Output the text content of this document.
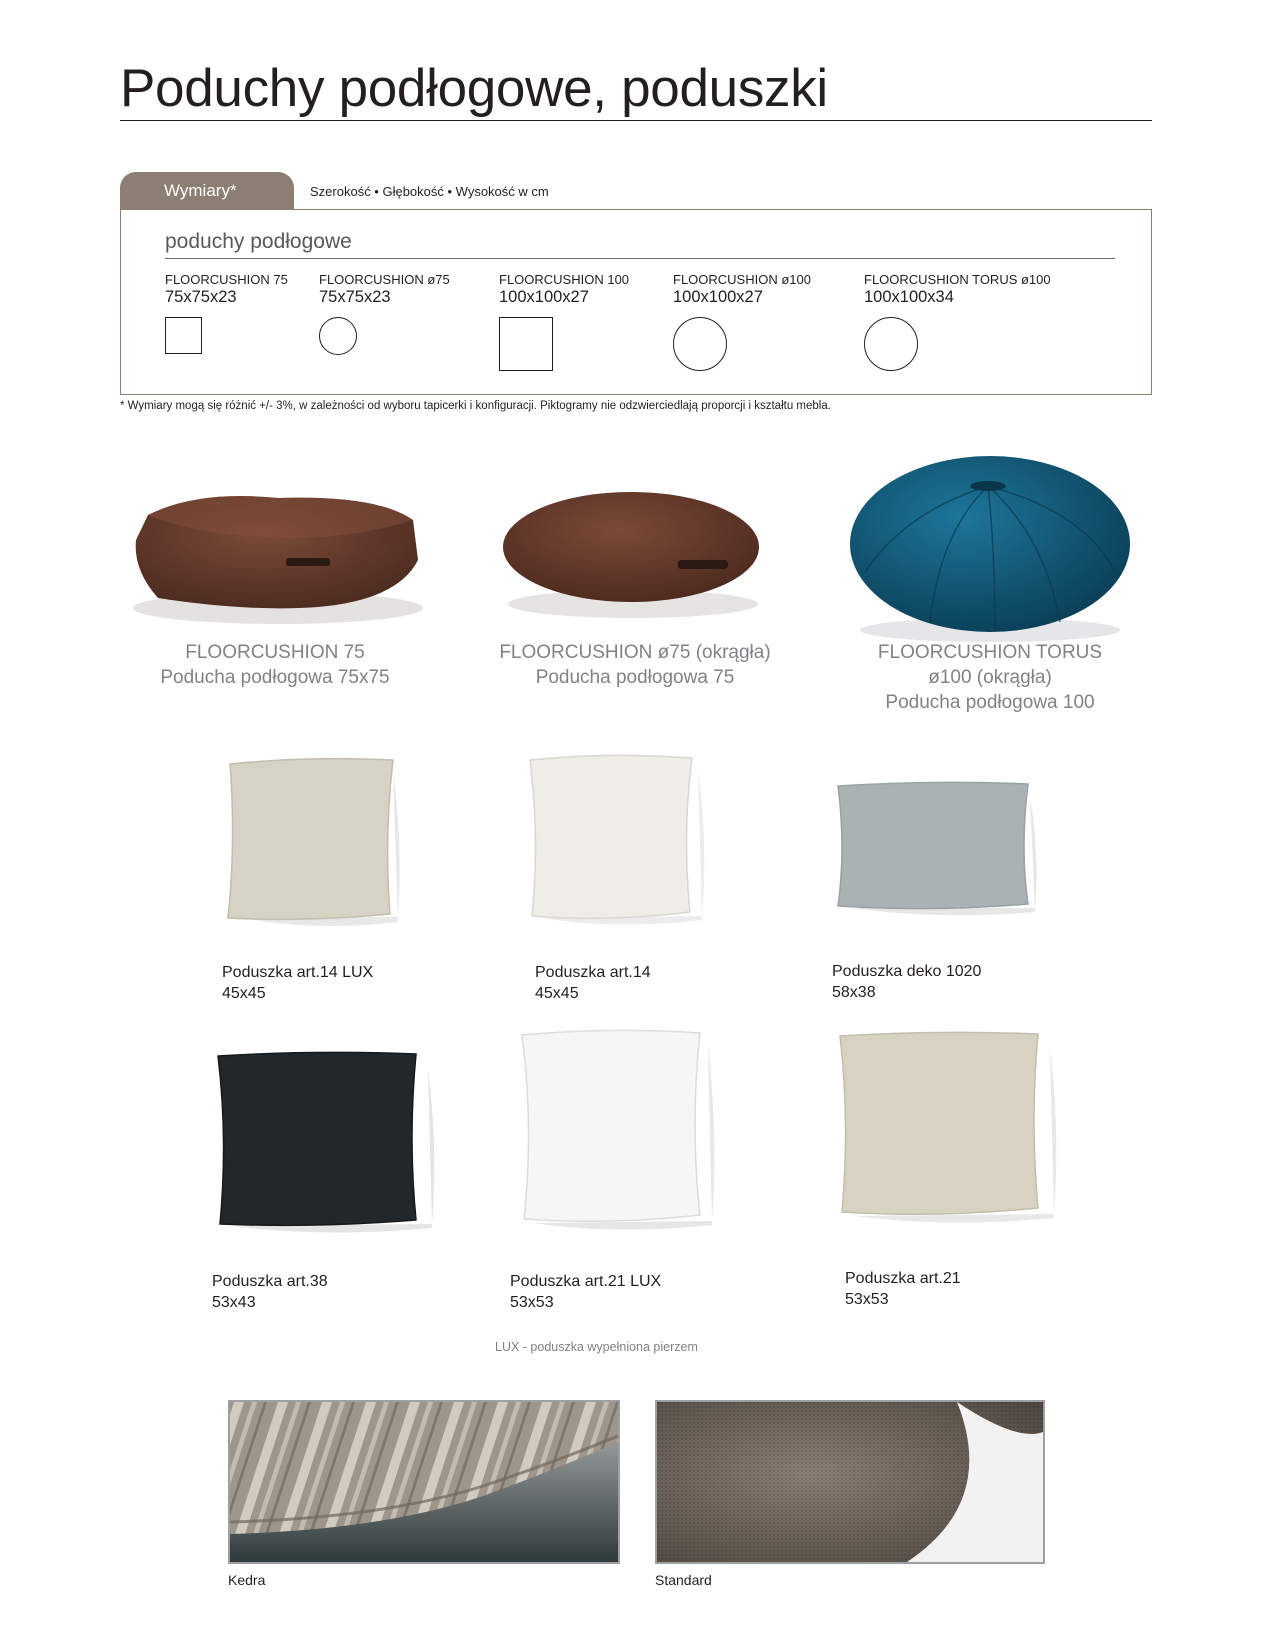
Poduchy podłogowe, poduszki
Wymiary*	Szerokość • Głębokość • Wysokość w cm
poduchy podłogowe
FLOORCUSHION 75
75x75x23
FLOORCUSHION ø75
75x75x23
FLOORCUSHION 100
100x100x27
FLOORCUSHION ø100
100x100x27
FLOORCUSHION TORUS ø100
100x100x34
* Wymiary mogą się różnić +/- 3%, w zależności od wyboru tapicerki i konfiguracji. Piktogramy nie odzwierciedlają proporcji i kształtu mebla.
FLOORCUSHION 75
Poducha podłogowa 75x75
FLOORCUSHION ø75 (okrągła)
Poducha podłogowa 75
FLOORCUSHION TORUS
ø100 (okrągła)
Poducha podłogowa 100
Poduszka art.14 LUX
45x45
Poduszka art.14
45x45
Poduszka deko 1020
58x38
Poduszka art.38
53x43
Poduszka art.21 LUX
53x53
Poduszka art.21
53x53
LUX - poduszka wypełniona pierzem
Kedra	Standard
